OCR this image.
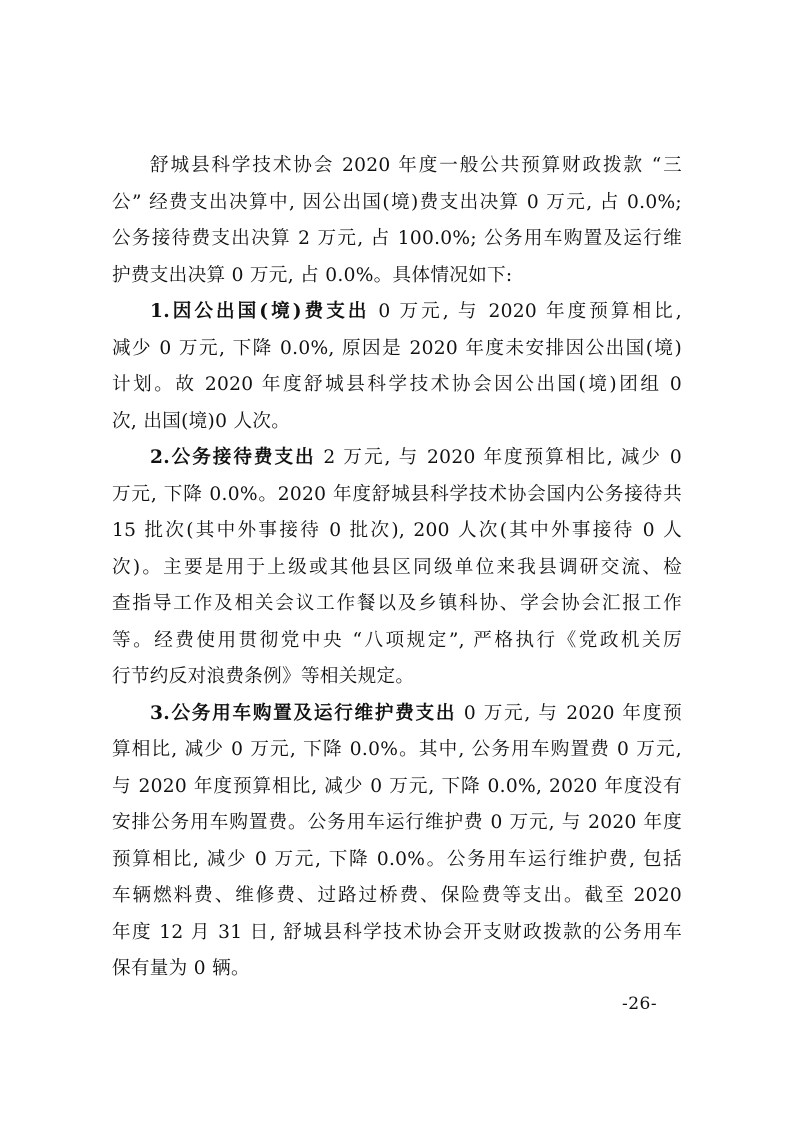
舒城县科学技术协会 2020 年度一般公共预算财政拨款 “三
公” 经费支出决算中, 因公出国(境)费支出决算 0 万元, 占 0.0%;
公务接待费支出决算 2 万元, 占 100.0%; 公务用车购置及运行维
护费支出决算 0 万元, 占 0.0%。具体情况如下:
1.因公出国(境)费支出 0 万元, 与 2020 年度预算相比,
减少 0 万元, 下降 0.0%, 原因是 2020 年度未安排因公出国(境)
计划。故 2020 年度舒城县科学技术协会因公出国(境)团组 0
次, 出国(境)0 人次。
2.公务接待费支出 2 万元, 与 2020 年度预算相比, 减少 0
万元, 下降 0.0%。2020 年度舒城县科学技术协会国内公务接待共
15 批次(其中外事接待 0 批次), 200 人次(其中外事接待 0 人
次)。主要是用于上级或其他县区同级单位来我县调研交流、检
查指导工作及相关会议工作餐以及乡镇科协、学会协会汇报工作
等。经费使用贯彻党中央 “八项规定”, 严格执行《党政机关厉
行节约反对浪费条例》等相关规定。
3.公务用车购置及运行维护费支出 0 万元, 与 2020 年度预
算相比, 减少 0 万元, 下降 0.0%。其中, 公务用车购置费 0 万元,
与 2020 年度预算相比, 减少 0 万元, 下降 0.0%, 2020 年度没有
安排公务用车购置费。公务用车运行维护费 0 万元, 与 2020 年度
预算相比, 减少 0 万元, 下降 0.0%。公务用车运行维护费, 包括
车辆燃料费、维修费、过路过桥费、保险费等支出。截至 2020
年度 12 月 31 日, 舒城县科学技术协会开支财政拨款的公务用车
保有量为 0 辆。
-26-
